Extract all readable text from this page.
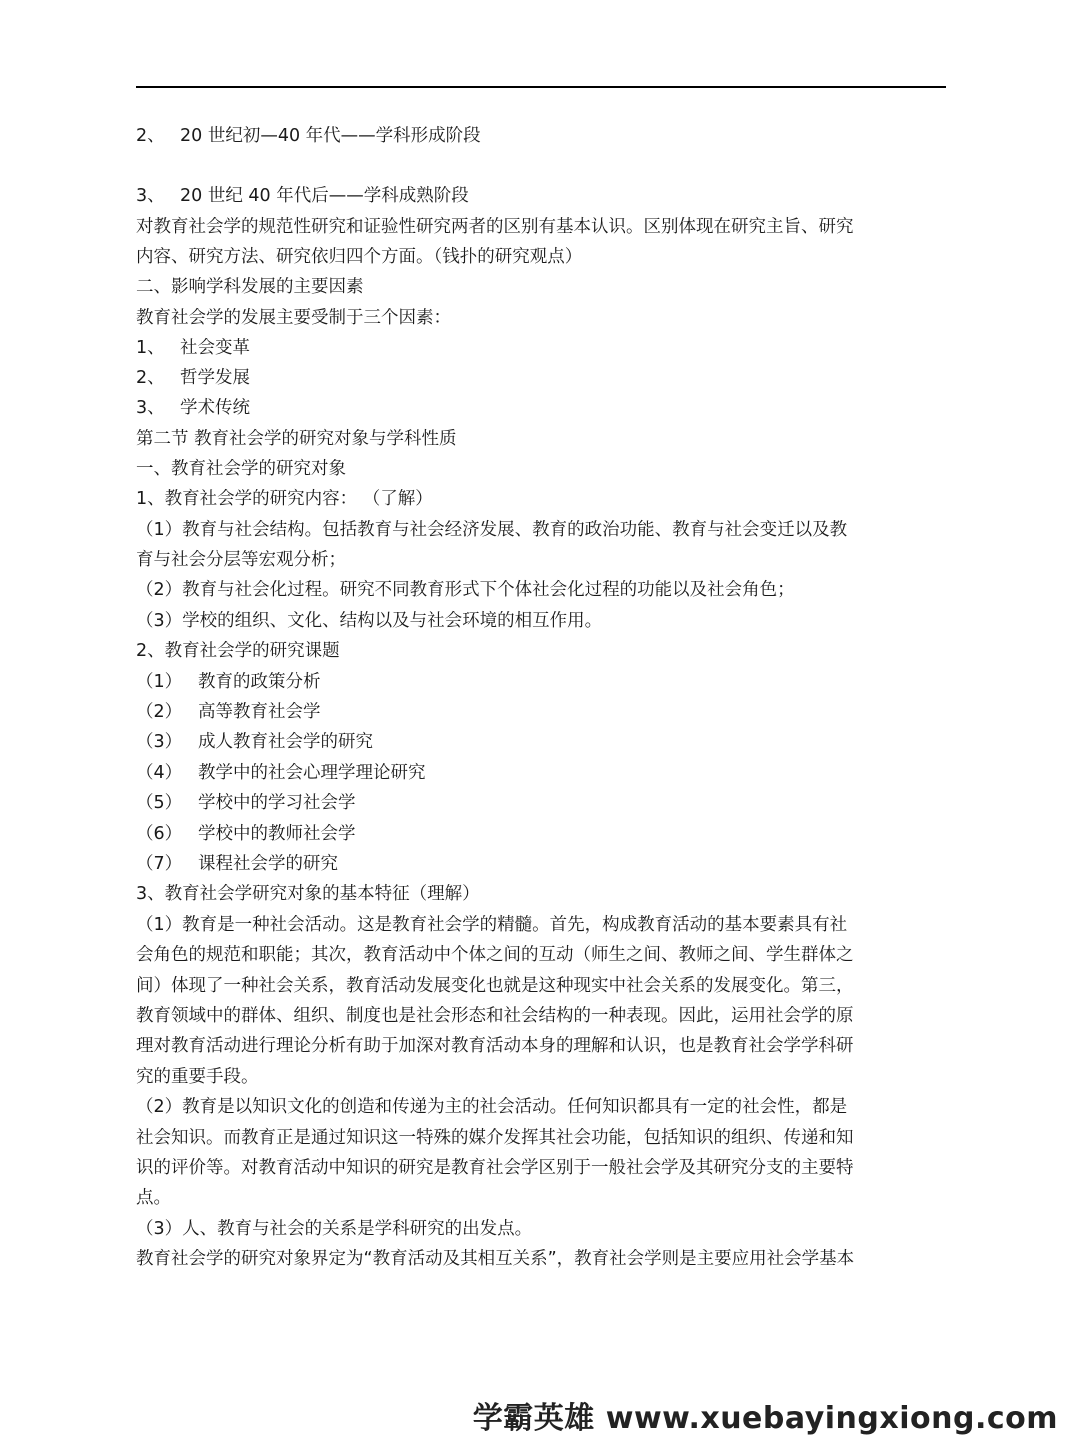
2、 20 世纪初—40 年代——学科形成阶段
3、 20 世纪 40 年代后——学科成熟阶段
对教育社会学的规范性研究和证验性研究两者的区别有基本认识。区别体现在研究主旨、研究
内容、研究方法、研究依归四个方面。（钱扑的研究观点）
二、影响学科发展的主要因素
教育社会学的发展主要受制于三个因素：
1、 社会变革
2、 哲学发展
3、 学术传统
第二节 教育社会学的研究对象与学科性质
一、教育社会学的研究对象
1、教育社会学的研究内容： （了解）
（1）教育与社会结构。包括教育与社会经济发展、教育的政治功能、教育与社会变迁以及教
育与社会分层等宏观分析；
（2）教育与社会化过程。研究不同教育形式下个体社会化过程的功能以及社会角色；
（3）学校的组织、文化、结构以及与社会环境的相互作用。
2、教育社会学的研究课题
（1） 教育的政策分析
（2） 高等教育社会学
（3） 成人教育社会学的研究
（4） 教学中的社会心理学理论研究
（5） 学校中的学习社会学
（6） 学校中的教师社会学
（7） 课程社会学的研究
3、教育社会学研究对象的基本特征（理解）
（1）教育是一种社会活动。这是教育社会学的精髓。首先，构成教育活动的基本要素具有社
会角色的规范和职能；其次，教育活动中个体之间的互动（师生之间、教师之间、学生群体之
间）体现了一种社会关系，教育活动发展变化也就是这种现实中社会关系的发展变化。第三，
教育领域中的群体、组织、制度也是社会形态和社会结构的一种表现。因此，运用社会学的原
理对教育活动进行理论分析有助于加深对教育活动本身的理解和认识，也是教育社会学学科研
究的重要手段。
（2）教育是以知识文化的创造和传递为主的社会活动。任何知识都具有一定的社会性，都是
社会知识。而教育正是通过知识这一特殊的媒介发挥其社会功能，包括知识的组织、传递和知
识的评价等。对教育活动中知识的研究是教育社会学区别于一般社会学及其研究分支的主要特
点。
（3）人、教育与社会的关系是学科研究的出发点。
教育社会学的研究对象界定为“教育活动及其相互关系”，教育社会学则是主要应用社会学基本
学霸英雄 www.xuebayingxiong.com
